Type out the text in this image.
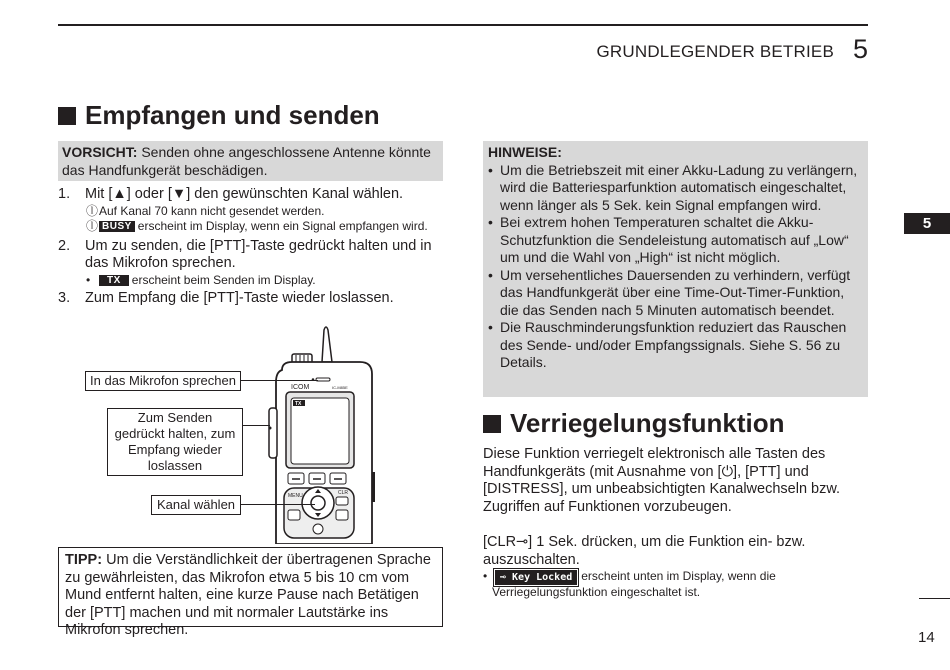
GRUNDLEGENDER BETRIEB 5
Empfangen und senden
VORSICHT: Senden ohne angeschlossene Antenne könnte das Handfunkgerät beschädigen.
1.	Mit [▲] oder [▼] den gewünschten Kanal wählen.
ⓛ Auf Kanal 70 kann nicht gesendet werden.
ⓛ BUSY erscheint im Display, wenn ein Signal empfangen wird.
2.	Um zu senden, die [PTT]-Taste gedrückt halten und in das Mikrofon sprechen.
•	TX erscheint beim Senden im Display.
3.	Zum Empfang die [PTT]-Taste wieder loslassen.
ICOM	IC-M85E
TX
MENU	CLR
In das Mikrofon sprechen
Zum Senden gedrückt halten, zum Empfang wieder loslassen
Kanal wählen
TIPP: Um die Verständlichkeit der übertragenen Sprache zu gewährleisten, das Mikrofon etwa 5 bis 10 cm vom Mund entfernt halten, eine kurze Pause nach Betätigen der [PTT] machen und mit normaler Lautstärke ins Mikrofon sprechen.
HINWEISE:
• Um die Betriebszeit mit einer Akku-Ladung zu verlängern, wird die Batteriesparfunktion automatisch eingeschaltet, wenn länger als 5 Sek. kein Signal empfangen wird.
• Bei extrem hohen Temperaturen schaltet die Akku-Schutzfunktion die Sendeleistung automatisch auf „Low“ um und die Wahl von „High“ ist nicht möglich.
• Um versehentliches Dauersenden zu verhindern, verfügt das Handfunkgerät über eine Time-Out-Timer-Funktion, die das Senden nach 5 Minuten automatisch beendet.
• Die Rauschminderungsfunktion reduziert das Rauschen des Sende- und/oder Empfangssignals. Siehe S. 56 zu Details.
Verriegelungsfunktion
Diese Funktion verriegelt elektronisch alle Tasten des Handfunkgeräts (mit Ausnahme von [⏻], [PTT] und [DISTRESS], um unbeabsichtigten Kanalwechseln bzw. Zugriffen auf Funktionen vorzubeugen.
[CLR⊸] 1 Sek. drücken, um die Funktion ein- bzw. auszuschalten.
•	⊸ Key Locked erscheint unten im Display, wenn die Verriegelungsfunktion eingeschaltet ist.
5
14
